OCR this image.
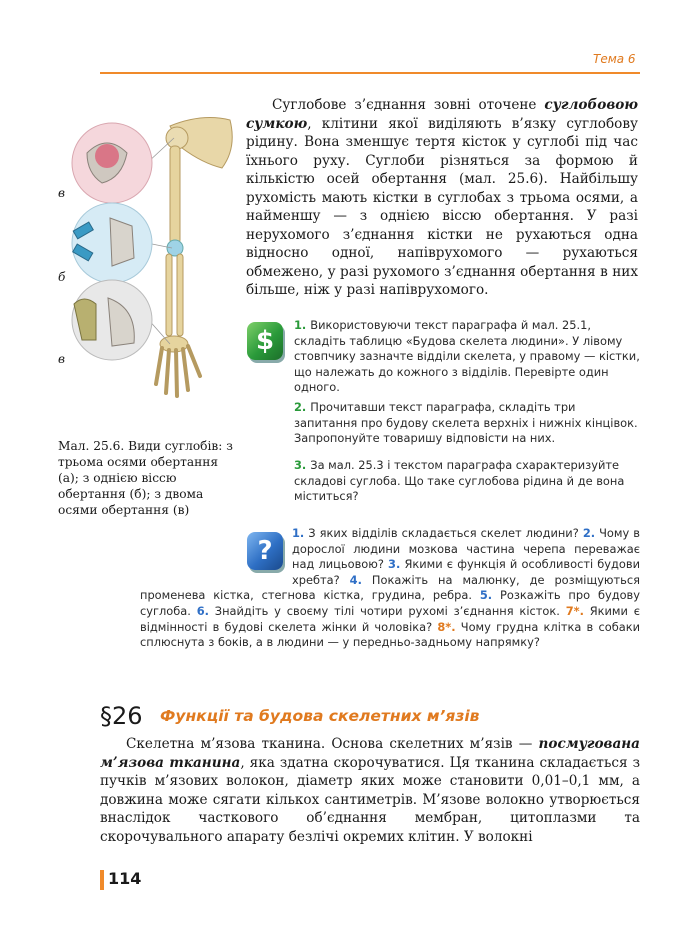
Тема 6
в
б
в
Мал. 25.6. Види суглобів: з трьома осями обертання (а); з однією віссю обертання (б); з двома осями обертання (в)

Суглобове з’єднання зовні оточене суглобовою сумкою, клітини якої виділяють в’язку суглобову рідину. Вона зменшує тертя кісток у суглобі під час їхнього руху. Суглоби різняться за формою й кількістю осей обертання (мал. 25.6). Найбільшу рухомість мають кістки в суглобах з трьома осями, а найменшу — з однією віссю обертання. У разі нерухомого з’єднання кістки не рухаються одна відносно одної, напіврухомого — рухаються обмежено, у разі рухомого з’єднання обертання в них більше, ніж у разі напіврухомого.

$
1. Використовуючи текст параграфа й мал. 25.1, складіть таблицю «Будова скелета людини». У лівому стовпчику зазначте відділи скелета, у правому — кістки, що належать до кожного з відділів. Перевірте один одного.
2. Прочитавши текст параграфа, складіть три запитання про будову скелета верхніх і нижніх кінцівок. Запропонуйте товаришу відповісти на них.
3. За мал. 25.3 і текстом параграфа схарактеризуйте складові суглоба. Що таке суглобова рідина й де вона міститься?
?
1. З яких відділів складається скелет людини? 2. Чому в дорослої людини мозкова частина черепа переважає над лицьовою? 3. Якими є функція й особливості будови хребта? 4. Покажіть на малюнку, де розміщуються променева кістка, стегнова кістка, грудина, ребра. 5. Розкажіть про будову суглоба. 6. Знайдіть у своєму тілі чотири рухомі з’єднання кісток. 7*. Якими є відмінності в будові скелета жінки й чоловіка? 8*. Чому грудна клітка в собаки сплюснута з боків, а в людини — у передньо-задньому напрямку?
§26 Функції та будова скелетних м’язів

Скелетна м’язова тканина. Основа скелетних м’язів — посмугована м’язова тканина, яка здатна скорочуватися. Ця тканина складається з пучків м’язових волокон, діаметр яких може становити 0,01–0,1 мм, а довжина може сягати кількох сантиметрів. М’язове волокно утворюється внаслідок часткового об’єднання мембран, цитоплазми та скорочувального апарату безлічі окремих клітин. У волокні

114
